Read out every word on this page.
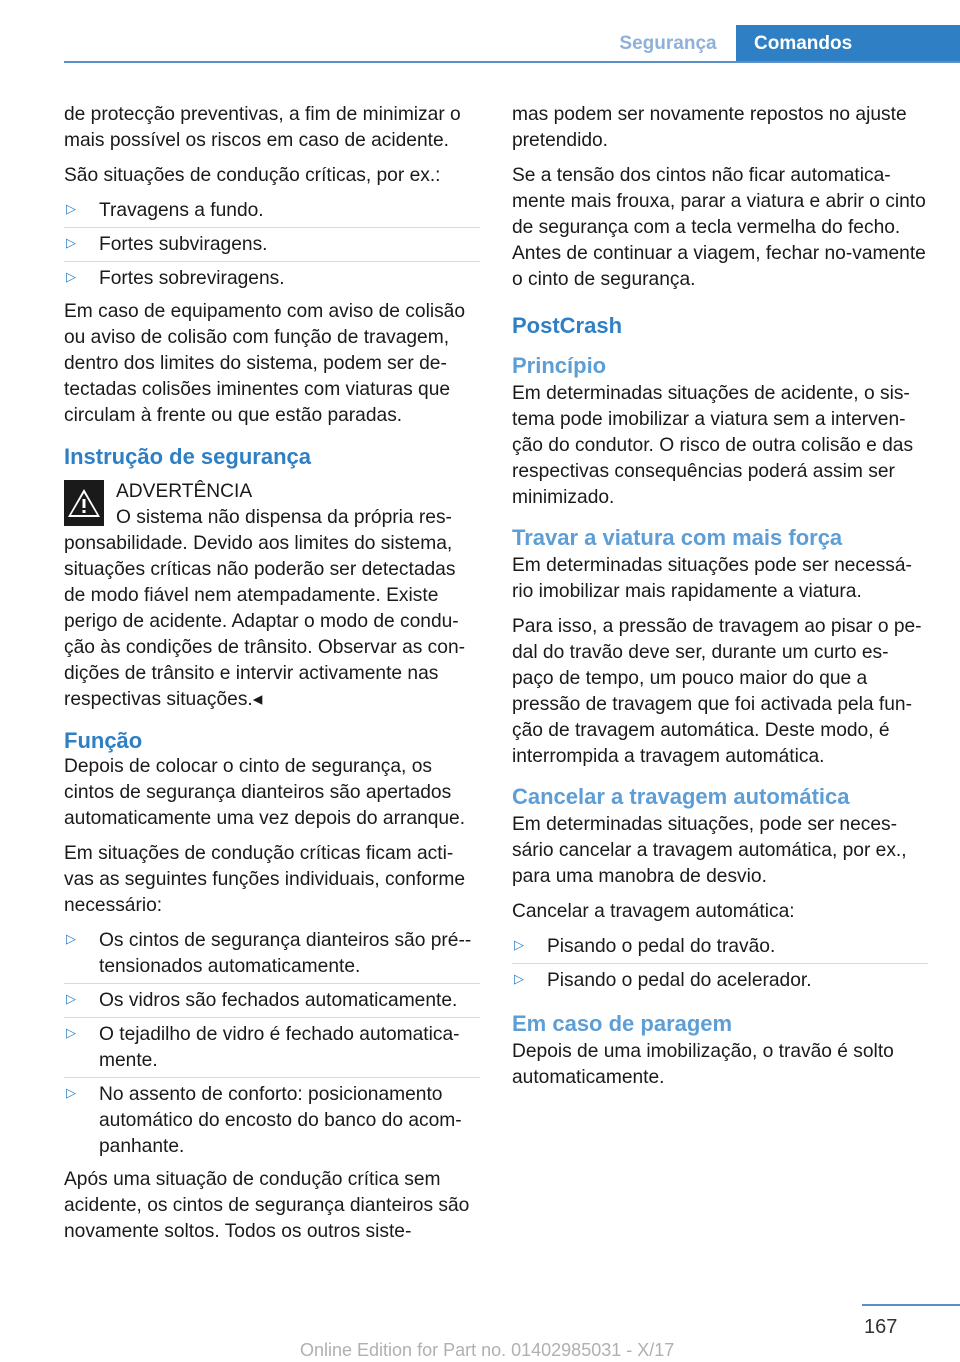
Segurança	Comandos

de protecção preventivas, a fim de minimizar o mais possível os riscos em caso de acidente.

São situações de condução críticas, por ex.:

▷ Travagens a fundo.
▷ Fortes subviragens.
▷ Fortes sobreviragens.

Em caso de equipamento com aviso de colisão ou aviso de colisão com função de travagem, dentro dos limites do sistema, podem ser de-tectadas colisões iminentes com viaturas que circulam à frente ou que estão paradas.

Instrução de segurança
ADVERTÊNCIA
O sistema não dispensa da própria res-
ponsabilidade. Devido aos limites do sistema, situações críticas não poderão ser detectadas de modo fiável nem atempadamente. Existe perigo de acidente. Adaptar o modo de condu-ção às condições de trânsito. Observar as con-dições de trânsito e intervir activamente nas respectivas situações.◂
Função

Depois de colocar o cinto de segurança, os cintos de segurança dianteiros são apertados automaticamente uma vez depois do arranque.

Em situações de condução críticas ficam acti-vas as seguintes funções individuais, conforme necessário:

▷ Os cintos de segurança dianteiros são pré--tensionados automaticamente.
▷ Os vidros são fechados automaticamente.
▷ O tejadilho de vidro é fechado automatica-mente.
▷ No assento de conforto: posicionamento automático do encosto do banco do acom-panhante.

Após uma situação de condução crítica sem acidente, os cintos de segurança dianteiros são novamente soltos. Todos os outros siste-

mas podem ser novamente repostos no ajuste pretendido.

Se a tensão dos cintos não ficar automatica-mente mais frouxa, parar a viatura e abrir o cinto de segurança com a tecla vermelha do fecho. Antes de continuar a viagem, fechar no-vamente o cinto de segurança.

PostCrash
Princípio

Em determinadas situações de acidente, o sis-tema pode imobilizar a viatura sem a interven-ção do condutor. O risco de outra colisão e das respectivas consequências poderá assim ser minimizado.

Travar a viatura com mais força

Em determinadas situações pode ser necessá-rio imobilizar mais rapidamente a viatura.

Para isso, a pressão de travagem ao pisar o pe-dal do travão deve ser, durante um curto es-paço de tempo, um pouco maior do que a pressão de travagem que foi activada pela fun-ção de travagem automática. Deste modo, é interrompida a travagem automática.

Cancelar a travagem automática

Em determinadas situações, pode ser neces-sário cancelar a travagem automática, por ex., para uma manobra de desvio.

Cancelar a travagem automática:

▷ Pisando o pedal do travão.
▷ Pisando o pedal do acelerador.
Em caso de paragem

Depois de uma imobilização, o travão é solto automaticamente.

167
Online Edition for Part no. 01402985031 - X/17
